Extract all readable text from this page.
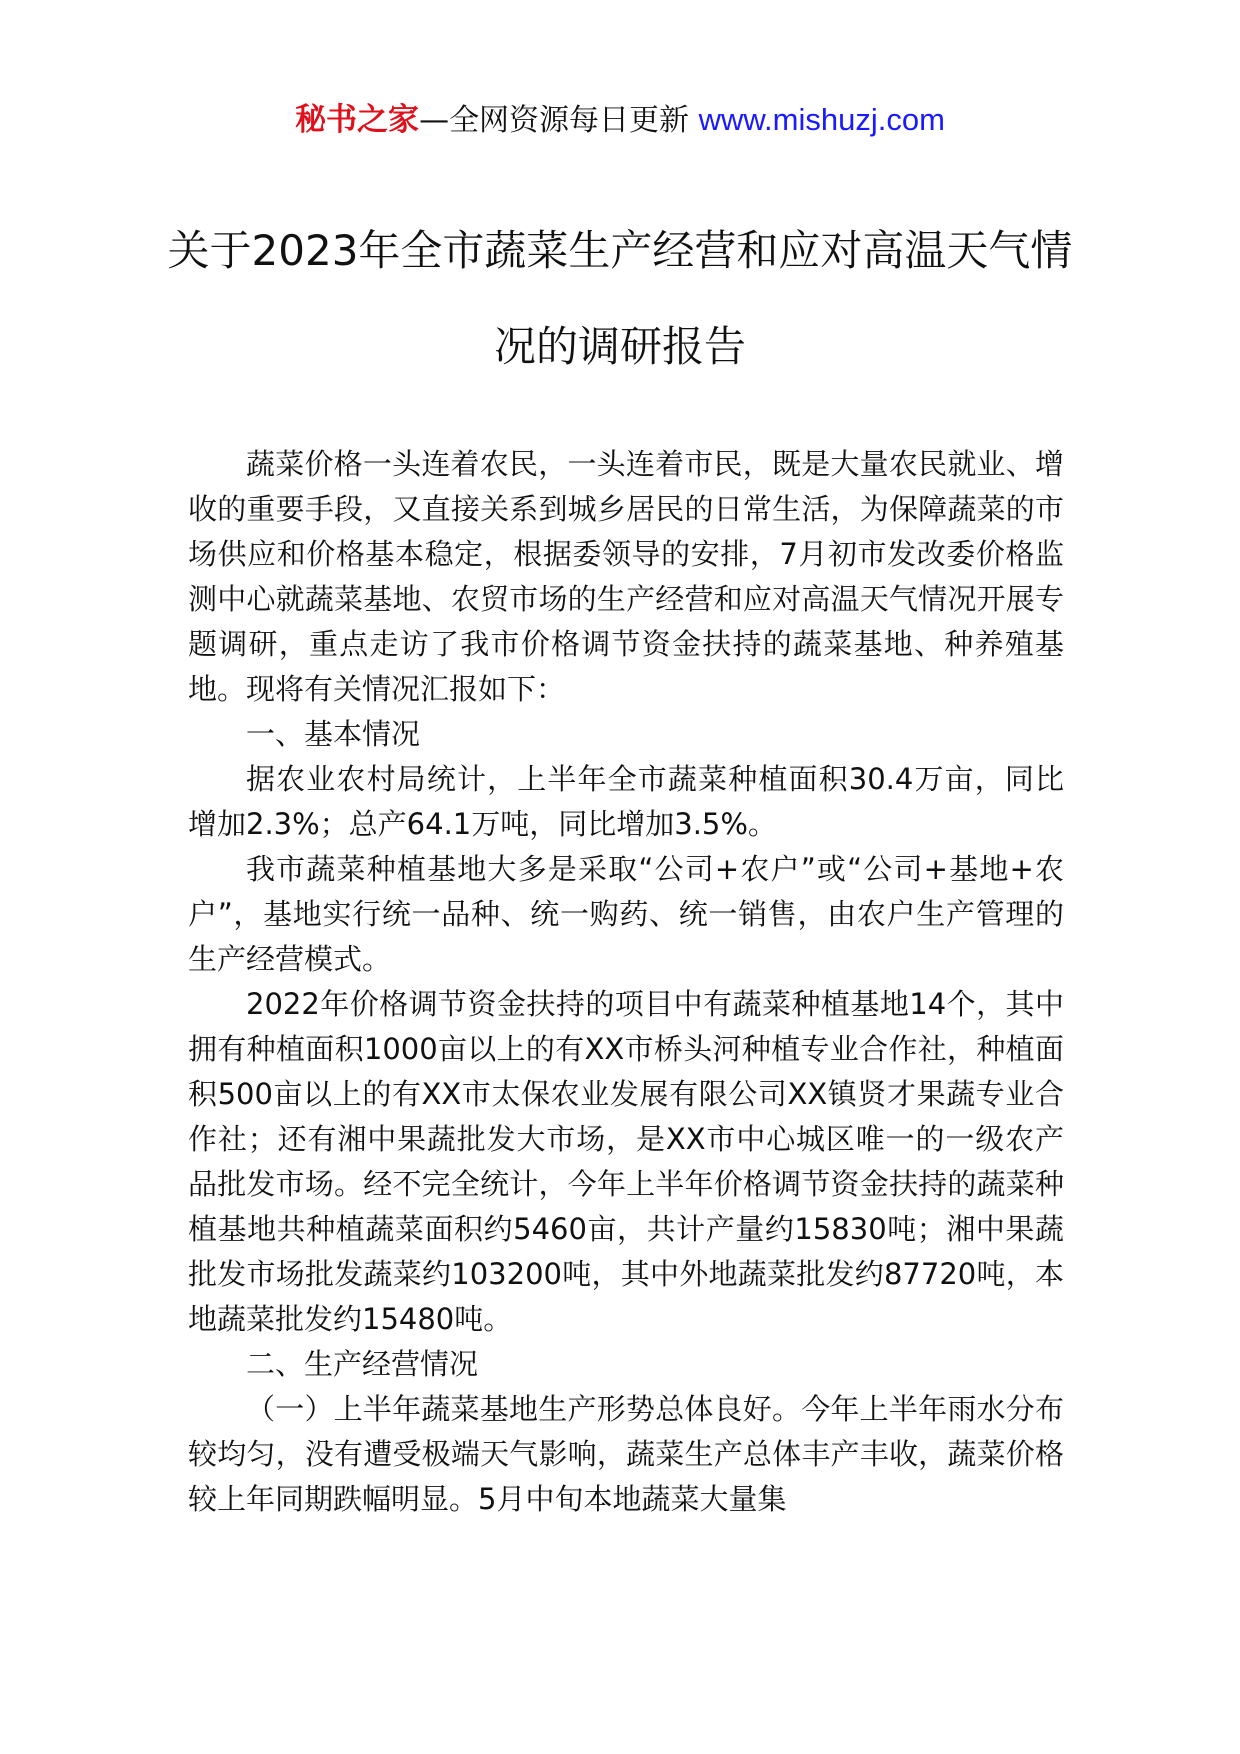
秘书之家—全网资源每日更新 www.mishuzj.com
关于2023年全市蔬菜生产经营和应对高温天气情况的调研报告

蔬菜价格一头连着农民，一头连着市民，既是大量农民就业、增收的重要手段，又直接关系到城乡居民的日常生活，为保障蔬菜的市场供应和价格基本稳定，根据委领导的安排，7月初市发改委价格监测中心就蔬菜基地、农贸市场的生产经营和应对高温天气情况开展专题调研，重点走访了我市价格调节资金扶持的蔬菜基地、种养殖基地。现将有关情况汇报如下：

一、基本情况

据农业农村局统计，上半年全市蔬菜种植面积30.4万亩，同比增加2.3%；总产64.1万吨，同比增加3.5%。

我市蔬菜种植基地大多是采取“公司+农户”或“公司+基地+农户”，基地实行统一品种、统一购药、统一销售，由农户生产管理的生产经营模式。

2022年价格调节资金扶持的项目中有蔬菜种植基地14个，其中拥有种植面积1000亩以上的有XX市桥头河种植专业合作社，种植面积500亩以上的有XX市太保农业发展有限公司XX镇贤才果蔬专业合作社；还有湘中果蔬批发大市场，是XX市中心城区唯一的一级农产品批发市场。经不完全统计，今年上半年价格调节资金扶持的蔬菜种植基地共种植蔬菜面积约5460亩，共计产量约15830吨；湘中果蔬批发市场批发蔬菜约103200吨，其中外地蔬菜批发约87720吨，本地蔬菜批发约15480吨。

二、生产经营情况

（一）上半年蔬菜基地生产形势总体良好。今年上半年雨水分布较均匀，没有遭受极端天气影响，蔬菜生产总体丰产丰收，蔬菜价格较上年同期跌幅明显。5月中旬本地蔬菜大量集
